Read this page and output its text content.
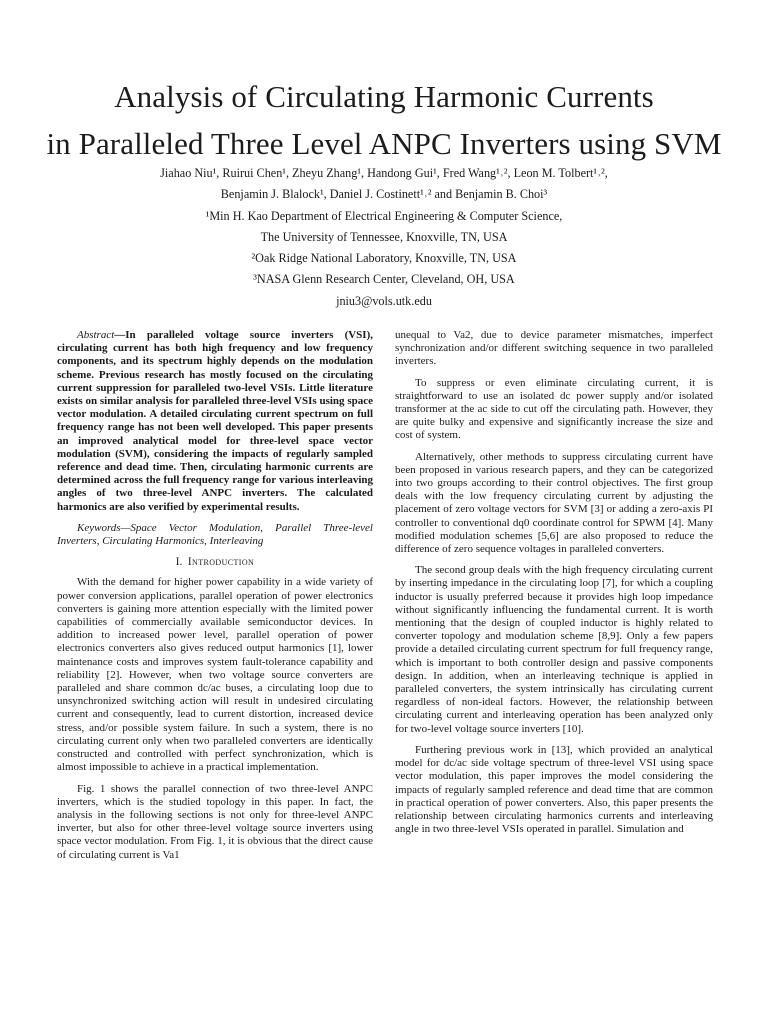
Analysis of Circulating Harmonic Currents
in Paralleled Three Level ANPC Inverters using SVM
Jiahao Niu¹, Ruirui Chen¹, Zheyu Zhang¹, Handong Gui¹, Fred Wang¹˒², Leon M. Tolbert¹˒²,
Benjamin J. Blalock¹, Daniel J. Costinett¹˒² and Benjamin B. Choi³
¹Min H. Kao Department of Electrical Engineering & Computer Science,
The University of Tennessee, Knoxville, TN, USA
²Oak Ridge National Laboratory, Knoxville, TN, USA
³NASA Glenn Research Center, Cleveland, OH, USA
jniu3@vols.utk.edu

Abstract—In paralleled voltage source inverters (VSI), circulating current has both high frequency and low frequency components, and its spectrum highly depends on the modulation scheme. Previous research has mostly focused on the circulating current suppression for paralleled two-level VSIs. Little literature exists on similar analysis for paralleled three-level VSIs using space vector modulation. A detailed circulating current spectrum on full frequency range has not been well developed. This paper presents an improved analytical model for three-level space vector modulation (SVM), considering the impacts of regularly sampled reference and dead time. Then, circulating harmonic currents are determined across the full frequency range for various interleaving angles of two three-level ANPC inverters. The calculated harmonics are also verified by experimental results.

Keywords—Space Vector Modulation, Parallel Three-level Inverters, Circulating Harmonics, Interleaving

I. Introduction

With the demand for higher power capability in a wide variety of power conversion applications, parallel operation of power electronics converters is gaining more attention especially with the limited power capabilities of commercially available semiconductor devices. In addition to increased power level, parallel operation of power electronics converters also gives reduced output harmonics [1], lower maintenance costs and improves system fault-tolerance capability and reliability [2]. However, when two voltage source converters are paralleled and share common dc/ac buses, a circulating loop due to unsynchronized switching action will result in undesired circulating current and consequently, lead to current distortion, increased device stress, and/or possible system failure. In such a system, there is no circulating current only when two paralleled converters are identically constructed and controlled with perfect synchronization, which is almost impossible to achieve in a practical implementation.

Fig. 1 shows the parallel connection of two three-level ANPC inverters, which is the studied topology in this paper. In fact, the analysis in the following sections is not only for three-level ANPC inverter, but also for other three-level voltage source inverters using space vector modulation. From Fig. 1, it is obvious that the direct cause of circulating current is Va1

unequal to Va2, due to device parameter mismatches, imperfect synchronization and/or different switching sequence in two paralleled inverters.

To suppress or even eliminate circulating current, it is straightforward to use an isolated dc power supply and/or isolated transformer at the ac side to cut off the circulating path. However, they are quite bulky and expensive and significantly increase the size and cost of system.

Alternatively, other methods to suppress circulating current have been proposed in various research papers, and they can be categorized into two groups according to their control objectives. The first group deals with the low frequency circulating current by adjusting the placement of zero voltage vectors for SVM [3] or adding a zero-axis PI controller to conventional dq0 coordinate control for SPWM [4]. Many modified modulation schemes [5,6] are also proposed to reduce the difference of zero sequence voltages in paralleled converters.

The second group deals with the high frequency circulating current by inserting impedance in the circulating loop [7], for which a coupling inductor is usually preferred because it provides high loop impedance without significantly influencing the fundamental current. It is worth mentioning that the design of coupled inductor is highly related to converter topology and modulation scheme [8,9]. Only a few papers provide a detailed circulating current spectrum for full frequency range, which is important to both controller design and passive components design. In addition, when an interleaving technique is applied in paralleled converters, the system intrinsically has circulating current regardless of non-ideal factors. However, the relationship between circulating current and interleaving operation has been analyzed only for two-level voltage source inverters [10].

Furthering previous work in [13], which provided an analytical model for dc/ac side voltage spectrum of three-level VSI using space vector modulation, this paper improves the model considering the impacts of regularly sampled reference and dead time that are common in practical operation of power converters. Also, this paper presents the relationship between circulating harmonics currents and interleaving angle in two three-level VSIs operated in parallel. Simulation and
